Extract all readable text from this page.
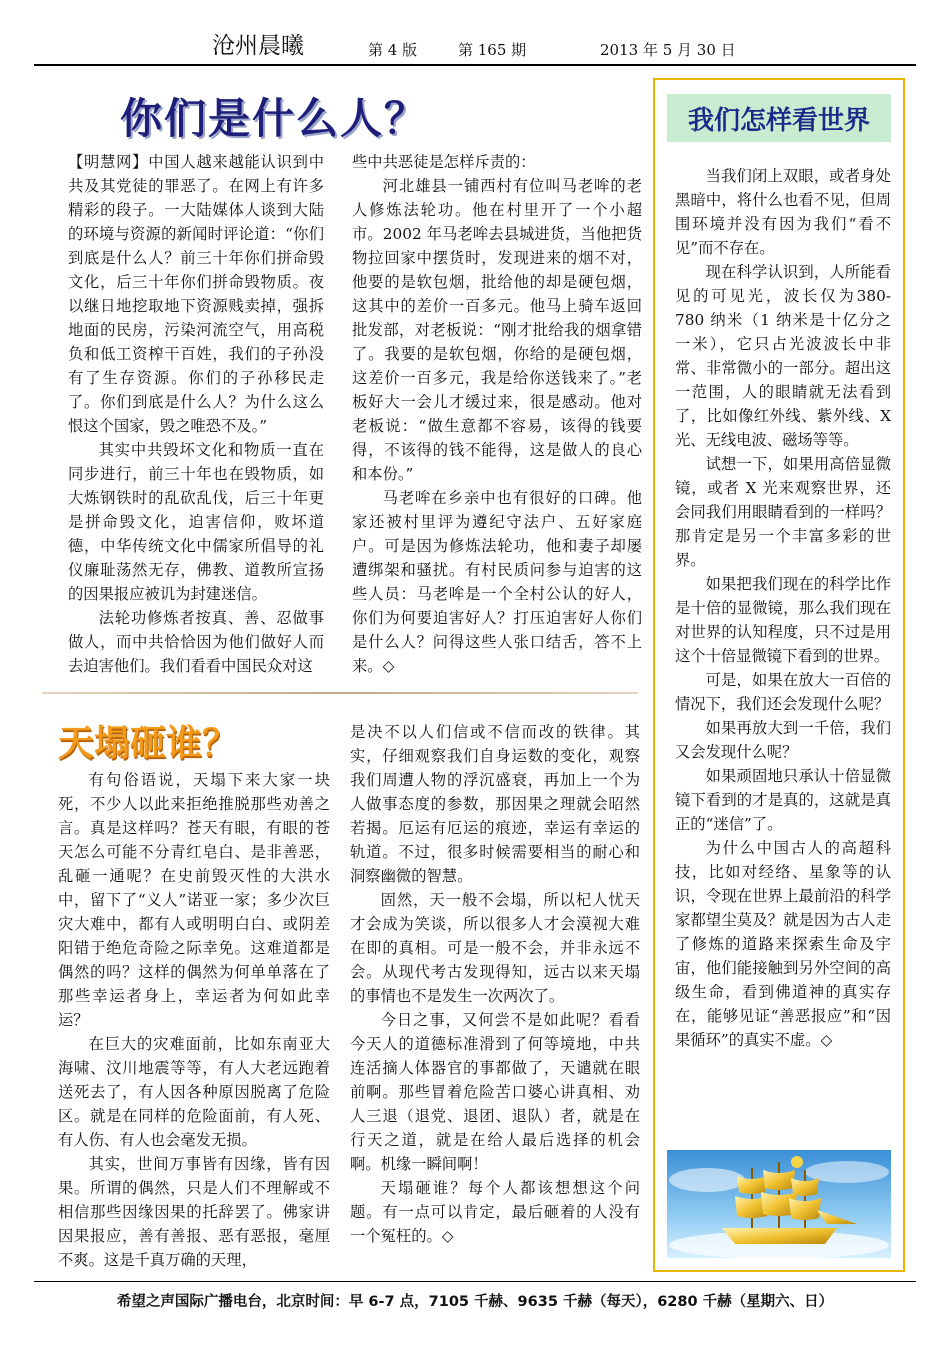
沧州晨曦	第 4 版	第 165 期	2013 年 5 月 30 日
你们是什么人？

【明慧网】中国人越来越能认识到中共及其党徒的罪恶了。在网上有许多精彩的段子。一大陆媒体人谈到大陆的环境与资源的新闻时评论道：“你们到底是什么人？前三十年你们拼命毁文化，后三十年你们拼命毁物质。夜以继日地挖取地下资源贱卖掉，强拆地面的民房，污染河流空气，用高税负和低工资榨干百姓，我们的子孙没有了生存资源。你们的子孙移民走了。你们到底是什么人？为什么这么恨这个国家，毁之唯恐不及。”

其实中共毁坏文化和物质一直在同步进行，前三十年也在毁物质，如大炼钢铁时的乱砍乱伐，后三十年更是拼命毁文化，迫害信仰，败坏道德，中华传统文化中儒家所倡导的礼仪廉耻荡然无存，佛教、道教所宣扬的因果报应被讥为封建迷信。

法轮功修炼者按真、善、忍做事做人，而中共恰恰因为他们做好人而去迫害他们。我们看看中国民众对这

些中共恶徒是怎样斥责的：

河北雄县一铺西村有位叫马老哞的老人修炼法轮功。他在村里开了一个小超市。2002 年马老哞去县城进货，当他把货物拉回家中摆货时，发现进来的烟不对，他要的是软包烟，批给他的却是硬包烟，这其中的差价一百多元。他马上骑车返回批发部，对老板说：“刚才批给我的烟拿错了。我要的是软包烟，你给的是硬包烟，这差价一百多元，我是给你送钱来了。”老板好大一会儿才缓过来，很是感动。他对老板说：“做生意都不容易，该得的钱要得，不该得的钱不能得，这是做人的良心和本份。”

马老哞在乡亲中也有很好的口碑。他家还被村里评为遵纪守法户、五好家庭户。可是因为修炼法轮功，他和妻子却屡遭绑架和骚扰。有村民质问参与迫害的这些人员：马老哞是一个全村公认的好人，你们为何要迫害好人？打压迫害好人你们是什么人？问得这些人张口结舌，答不上来。◇

天塌砸谁？

有句俗语说，天塌下来大家一块死，不少人以此来拒绝推脱那些劝善之言。真是这样吗？苍天有眼，有眼的苍天怎么可能不分青红皂白、是非善恶，乱砸一通呢？在史前毁灭性的大洪水中，留下了“义人”诺亚一家；多少次巨灾大难中，都有人或明明白白、或阴差阳错于绝危奇险之际幸免。这难道都是偶然的吗？这样的偶然为何单单落在了那些幸运者身上，幸运者为何如此幸运？

在巨大的灾难面前，比如东南亚大海啸、汶川地震等等，有人大老远跑着送死去了，有人因各种原因脱离了危险区。就是在同样的危险面前，有人死、有人伤、有人也会毫发无损。

其实，世间万事皆有因缘，皆有因果。所谓的偶然，只是人们不理解或不相信那些因缘因果的托辞罢了。佛家讲因果报应，善有善报、恶有恶报，毫厘不爽。这是千真万确的天理，

是决不以人们信或不信而改的铁律。其实，仔细观察我们自身运数的变化，观察我们周遭人物的浮沉盛衰，再加上一个为人做事态度的参数，那因果之理就会昭然若揭。厄运有厄运的痕迹，幸运有幸运的轨道。不过，很多时候需要相当的耐心和洞察幽微的智慧。

固然，天一般不会塌，所以杞人忧天才会成为笑谈，所以很多人才会漠视大难在即的真相。可是一般不会，并非永远不会。从现代考古发现得知，远古以来天塌的事情也不是发生一次两次了。

今日之事，又何尝不是如此呢？看看今天人的道德标准滑到了何等境地，中共连活摘人体器官的事都做了，天谴就在眼前啊。那些冒着危险苦口婆心讲真相、劝人三退（退党、退团、退队）者，就是在行天之道，就是在给人最后选择的机会啊。机缘一瞬间啊！

天塌砸谁？每个人都该想想这个问题。有一点可以肯定，最后砸着的人没有一个冤枉的。◇

我们怎样看世界

当我们闭上双眼，或者身处黑暗中，将什么也看不见，但周围环境并没有因为我们“看不见”而不存在。

现在科学认识到，人所能看见的可见光，波长仅为380-780 纳米（1 纳米是十亿分之一米），它只占光波波长中非常、非常微小的一部分。超出这一范围，人的眼睛就无法看到了，比如像红外线、紫外线、X 光、无线电波、磁场等等。

试想一下，如果用高倍显微镜，或者 X 光来观察世界，还会同我们用眼睛看到的一样吗？那肯定是另一个丰富多彩的世界。

如果把我们现在的科学比作是十倍的显微镜，那么我们现在对世界的认知程度，只不过是用这个十倍显微镜下看到的世界。

可是，如果在放大一百倍的情况下，我们还会发现什么呢？

如果再放大到一千倍，我们又会发现什么呢？

如果顽固地只承认十倍显微镜下看到的才是真的，这就是真正的“迷信”了。

为什么中国古人的高超科技，比如对经络、星象等的认识，令现在世界上最前沿的科学家都望尘莫及？就是因为古人走了修炼的道路来探索生命及宇宙，他们能接触到另外空间的高级生命，看到佛道神的真实存在，能够见证“善恶报应”和“因果循环”的真实不虚。◇

希望之声国际广播电台，北京时间：早 6-7 点，7105 千赫、9635 千赫（每天），6280 千赫（星期六、日）
